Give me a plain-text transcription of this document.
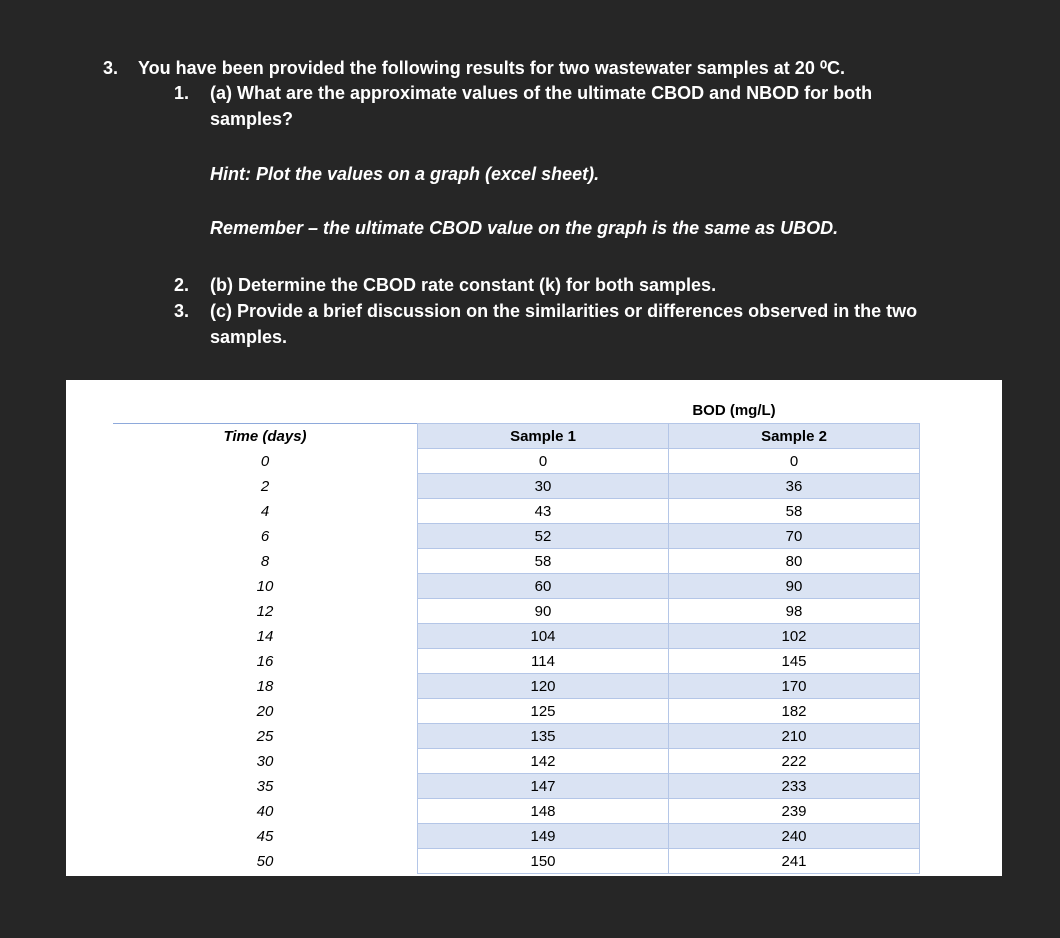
3. You have been provided the following results for two wastewater samples at 20 ⁰C.
1. (a) What are the approximate values of the ultimate CBOD and NBOD for both
samples?
Hint: Plot the values on a graph (excel sheet).
Remember – the ultimate CBOD value on the graph is the same as UBOD.
2. (b) Determine the CBOD rate constant (k) for both samples.
3. (c) Provide a brief discussion on the similarities or differences observed in the two
samples.
BOD (mg/L)
Time (days)	Sample 1	Sample 2
0	0	0
2	30	36
4	43	58
6	52	70
8	58	80
10	60	90
12	90	98
14	104	102
16	114	145
18	120	170
20	125	182
25	135	210
30	142	222
35	147	233
40	148	239
45	149	240
50	150	241
